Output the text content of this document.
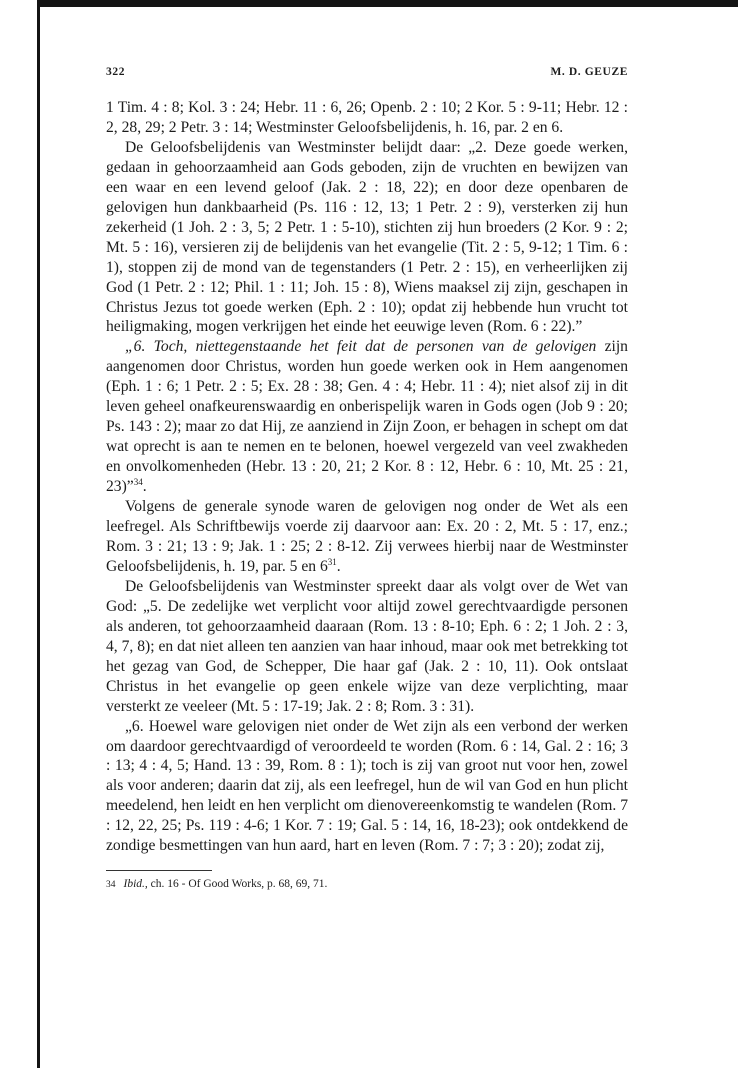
322	M. D. GEUZE

1 Tim. 4 : 8; Kol. 3 : 24; Hebr. 11 : 6, 26; Openb. 2 : 10; 2 Kor. 5 : 9-11; Hebr. 12 : 2, 28, 29; 2 Petr. 3 : 14; Westminster Geloofsbelijdenis, h. 16, par. 2 en 6.

De Geloofsbelijdenis van Westminster belijdt daar: „2. Deze goede werken, gedaan in gehoorzaamheid aan Gods geboden, zijn de vruchten en bewijzen van een waar en een levend geloof (Jak. 2 : 18, 22); en door deze openbaren de gelovigen hun dankbaarheid (Ps. 116 : 12, 13; 1 Petr. 2 : 9), versterken zij hun zekerheid (1 Joh. 2 : 3, 5; 2 Petr. 1 : 5-10), stichten zij hun broeders (2 Kor. 9 : 2; Mt. 5 : 16), versieren zij de belijdenis van het evangelie (Tit. 2 : 5, 9-12; 1 Tim. 6 : 1), stoppen zij de mond van de tegenstanders (1 Petr. 2 : 15), en verheerlijken zij God (1 Petr. 2 : 12; Phil. 1 : 11; Joh. 15 : 8), Wiens maaksel zij zijn, geschapen in Christus Jezus tot goede werken (Eph. 2 : 10); opdat zij hebbende hun vrucht tot heiligmaking, mogen verkrijgen het einde het eeuwige leven (Rom. 6 : 22).”

„6. Toch, niettegenstaande het feit dat de personen van de gelovigen zijn aangenomen door Christus, worden hun goede werken ook in Hem aangenomen (Eph. 1 : 6; 1 Petr. 2 : 5; Ex. 28 : 38; Gen. 4 : 4; Hebr. 11 : 4); niet alsof zij in dit leven geheel onafkeurenswaardig en onberispelijk waren in Gods ogen (Job 9 : 20; Ps. 143 : 2); maar zo dat Hij, ze aanziend in Zijn Zoon, er behagen in schept om dat wat oprecht is aan te nemen en te belonen, hoewel vergezeld van veel zwakheden en onvolkomenheden (Hebr. 13 : 20, 21; 2 Kor. 8 : 12, Hebr. 6 : 10, Mt. 25 : 21, 23)”$^{34}$.

Volgens de generale synode waren de gelovigen nog onder de Wet als een leefregel. Als Schriftbewijs voerde zij daarvoor aan: Ex. 20 : 2, Mt. 5 : 17, enz.; Rom. 3 : 21; 13 : 9; Jak. 1 : 25; 2 : 8-12. Zij verwees hierbij naar de Westminster Geloofsbelijdenis, h. 19, par. 5 en $6^{31}$.

De Geloofsbelijdenis van Westminster spreekt daar als volgt over de Wet van God: „5. De zedelijke wet verplicht voor altijd zowel gerechtvaardigde personen als anderen, tot gehoorzaamheid daaraan (Rom. 13 : 8-10; Eph. 6 : 2; 1 Joh. 2 : 3, 4, 7, 8); en dat niet alleen ten aanzien van haar inhoud, maar ook met betrekking tot het gezag van God, de Schepper, Die haar gaf (Jak. 2 : 10, 11). Ook ontslaat Christus in het evangelie op geen enkele wijze van deze verplichting, maar versterkt ze veeleer (Mt. 5 : 17-19; Jak. 2 : 8; Rom. 3 : 31).

„6. Hoewel ware gelovigen niet onder de Wet zijn als een verbond der werken om daardoor gerechtvaardigd of veroordeeld te worden (Rom. 6 : 14, Gal. 2 : 16; 3 : 13; 4 : 4, 5; Hand. 13 : 39, Rom. 8 : 1); toch is zij van groot nut voor hen, zowel als voor anderen; daarin dat zij, als een leefregel, hun de wil van God en hun plicht meedelend, hen leidt en hen verplicht om dienovereenkomstig te wandelen (Rom. 7 : 12, 22, 25; Ps. 119 : 4-6; 1 Kor. 7 : 19; Gal. 5 : 14, 16, 18-23); ook ontdekkend de zondige besmettingen van hun aard, hart en leven (Rom. 7 : 7; 3 : 20); zodat zij,

34 Ibid., ch. 16 - Of Good Works, p. 68, 69, 71.
